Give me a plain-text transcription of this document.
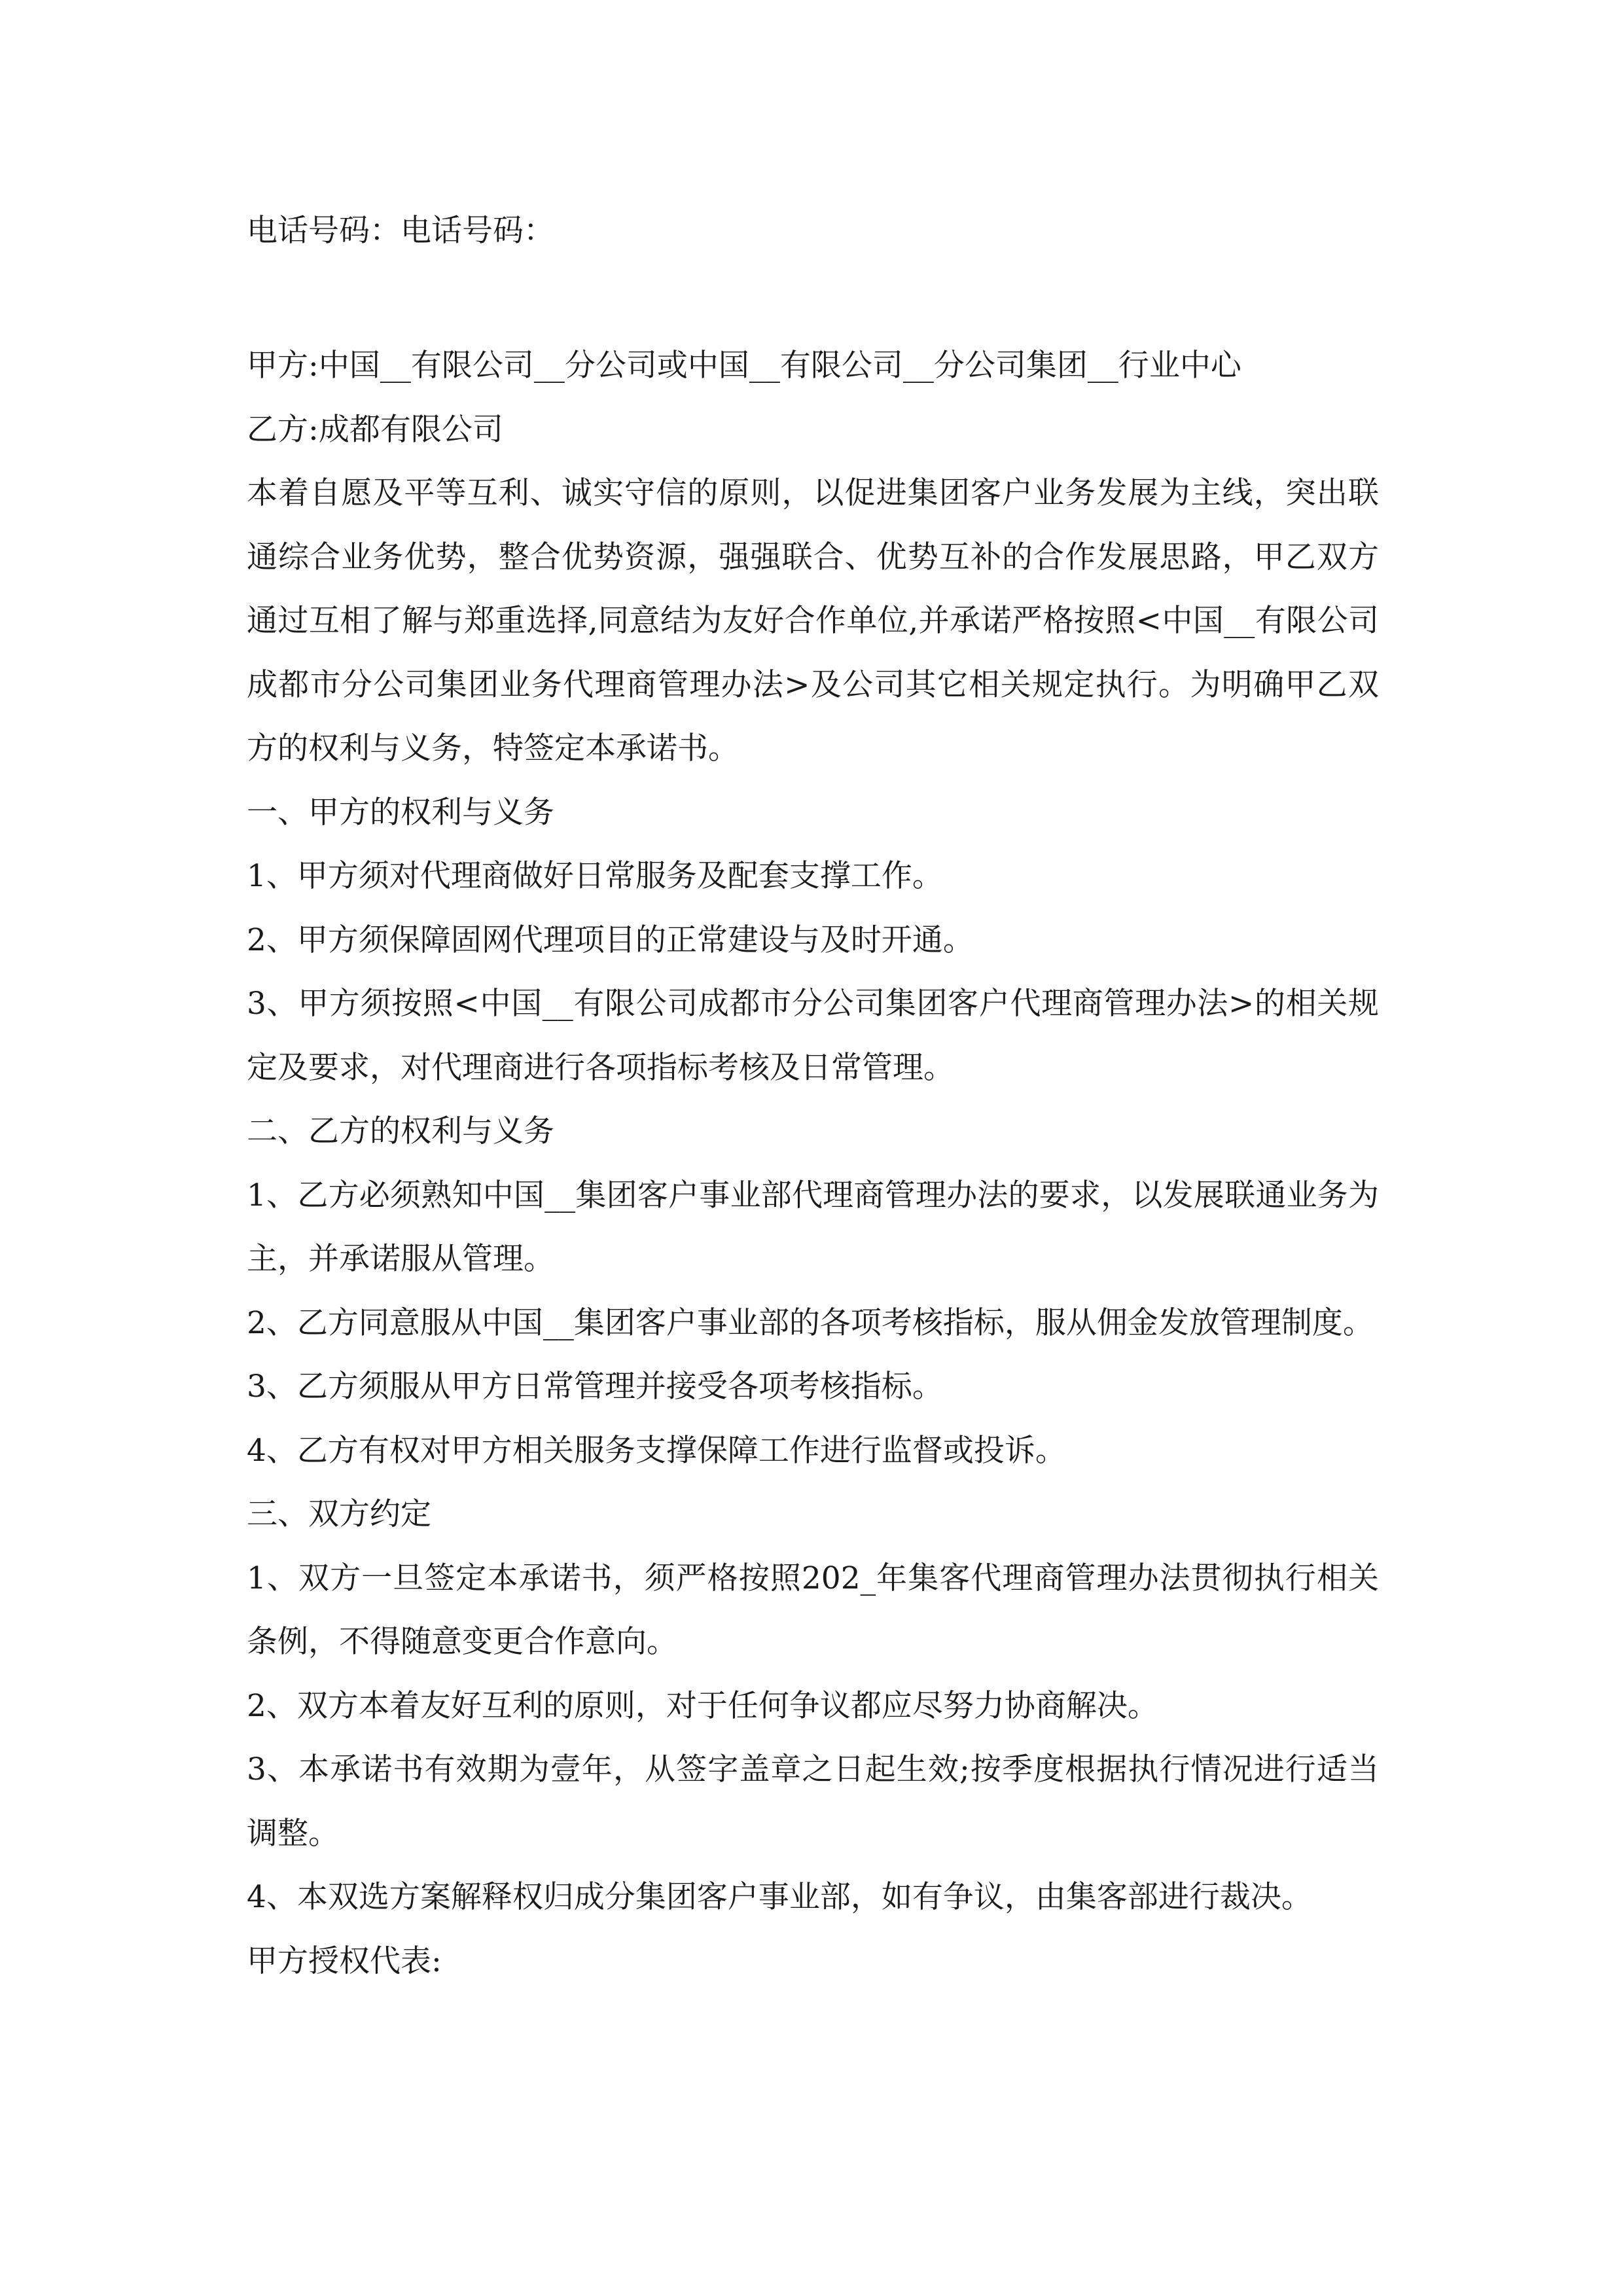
电话号码：电话号码：

甲方:中国__有限公司__分公司或中国__有限公司__分公司集团__行业中心

乙方:成都有限公司

本着自愿及平等互利、诚实守信的原则，以促进集团客户业务发展为主线，突出联通综合业务优势，整合优势资源，强强联合、优势互补的合作发展思路，甲乙双方通过互相了解与郑重选择,同意结为友好合作单位,并承诺严格按照<中国__有限公司成都市分公司集团业务代理商管理办法>及公司其它相关规定执行。为明确甲乙双方的权利与义务，特签定本承诺书。

一、甲方的权利与义务

1、甲方须对代理商做好日常服务及配套支撑工作。

2、甲方须保障固网代理项目的正常建设与及时开通。

3、甲方须按照<中国__有限公司成都市分公司集团客户代理商管理办法>的相关规定及要求，对代理商进行各项指标考核及日常管理。

二、乙方的权利与义务

1、乙方必须熟知中国__集团客户事业部代理商管理办法的要求，以发展联通业务为主，并承诺服从管理。

2、乙方同意服从中国__集团客户事业部的各项考核指标，服从佣金发放管理制度。

3、乙方须服从甲方日常管理并接受各项考核指标。

4、乙方有权对甲方相关服务支撑保障工作进行监督或投诉。

三、双方约定

1、双方一旦签定本承诺书，须严格按照202_年集客代理商管理办法贯彻执行相关条例，不得随意变更合作意向。

2、双方本着友好互利的原则，对于任何争议都应尽努力协商解决。

3、本承诺书有效期为壹年，从签字盖章之日起生效;按季度根据执行情况进行适当调整。

4、本双选方案解释权归成分集团客户事业部，如有争议，由集客部进行裁决。

甲方授权代表:
